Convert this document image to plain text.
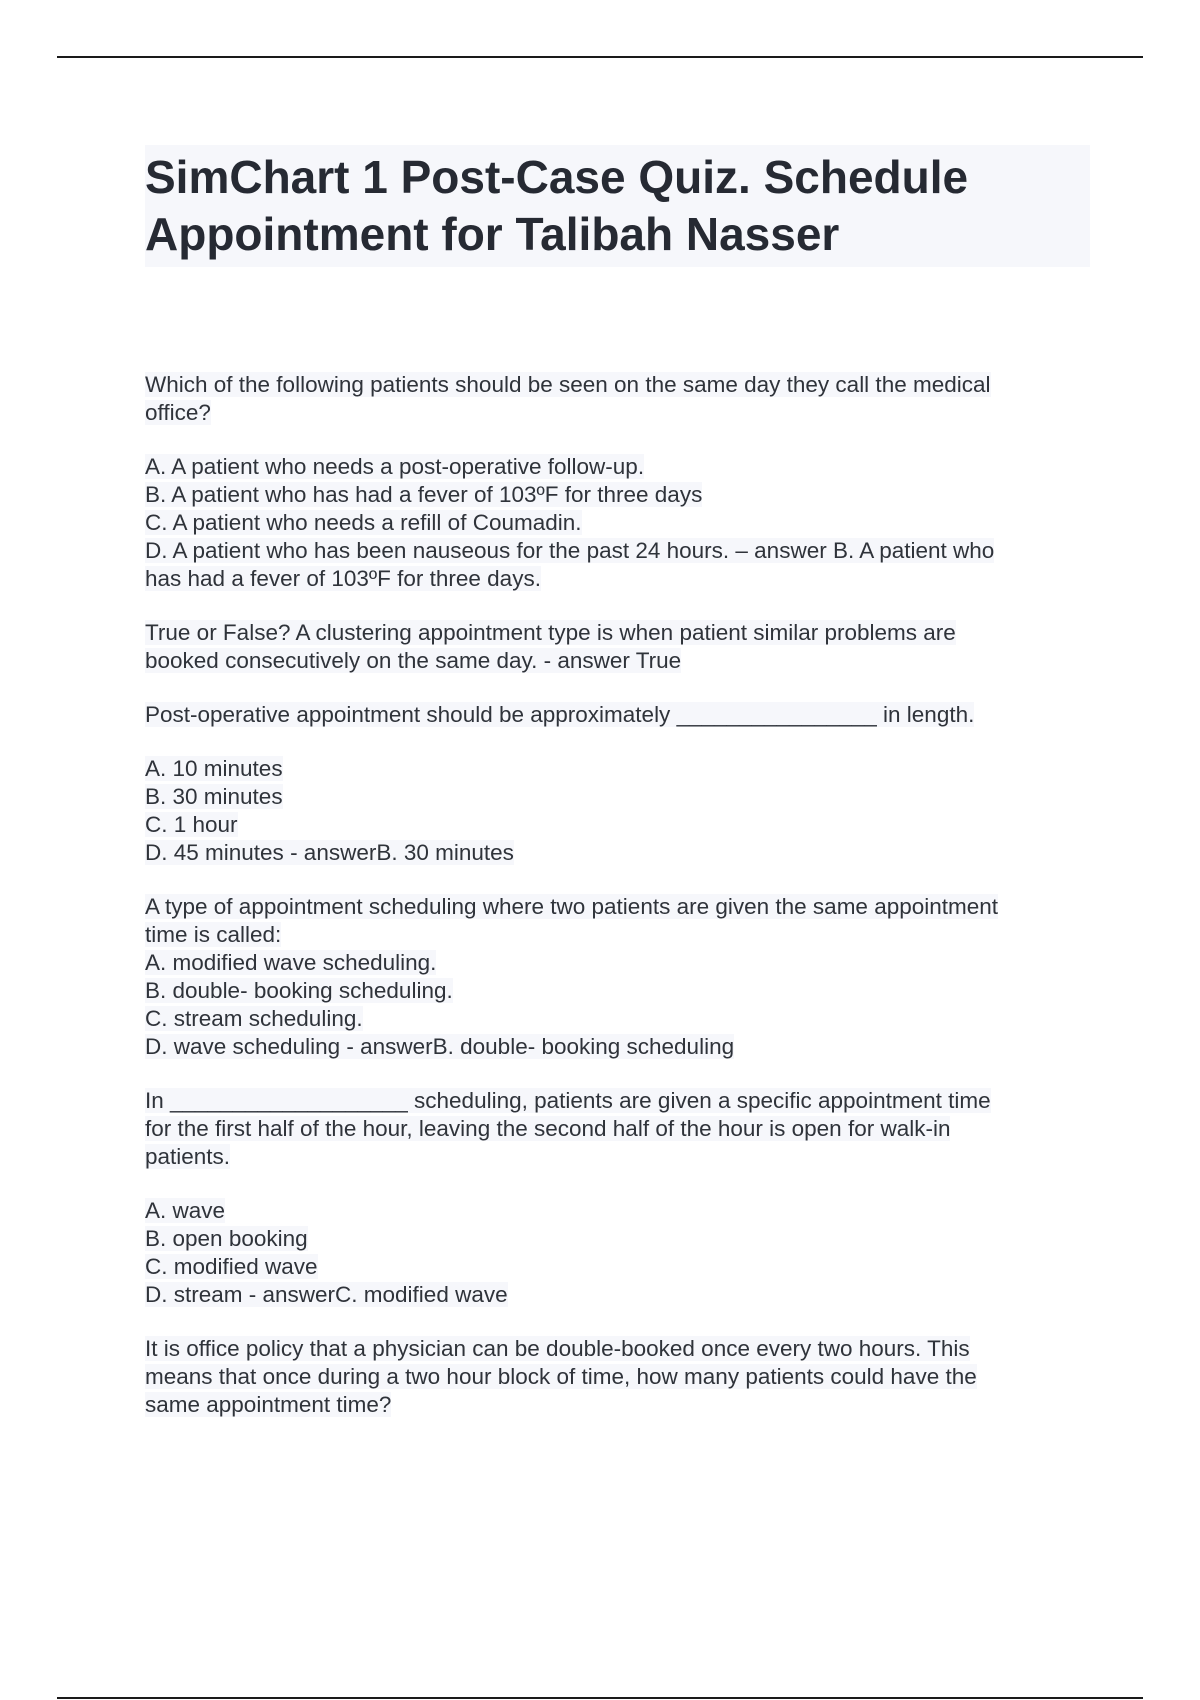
SimChart 1 Post-Case Quiz. Schedule
Appointment for Talibah Nasser

Which of the following patients should be seen on the same day they call the medical
office?

A. A patient who needs a post-operative follow-up.
B. A patient who has had a fever of 103ºF for three days
C. A patient who needs a refill of Coumadin.
D. A patient who has been nauseous for the past 24 hours. – answer B. A patient who
has had a fever of 103ºF for three days.

True or False? A clustering appointment type is when patient similar problems are
booked consecutively on the same day. - answer True

Post-operative appointment should be approximately ________________ in length.

A. 10 minutes
B. 30 minutes
C. 1 hour
D. 45 minutes - answerB. 30 minutes

A type of appointment scheduling where two patients are given the same appointment
time is called:
A. modified wave scheduling.
B. double- booking scheduling.
C. stream scheduling.
D. wave scheduling - answerB. double- booking scheduling

In ___________________ scheduling, patients are given a specific appointment time
for the first half of the hour, leaving the second half of the hour is open for walk-in
patients.

A. wave
B. open booking
C. modified wave
D. stream - answerC. modified wave

It is office policy that a physician can be double-booked once every two hours. This
means that once during a two hour block of time, how many patients could have the
same appointment time?
